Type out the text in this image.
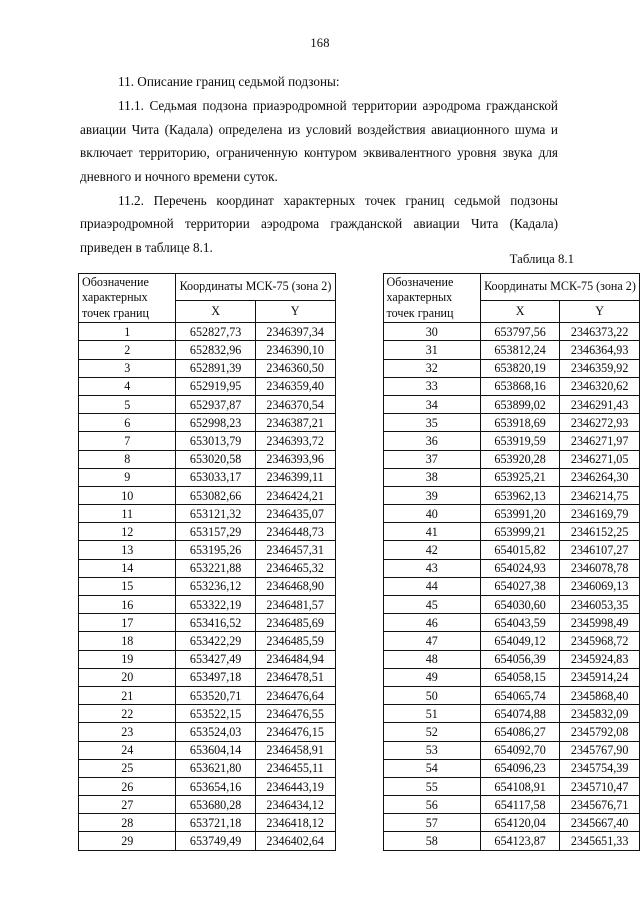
168

11. Описание границ седьмой подзоны:

11.1. Седьмая подзона приаэродромной территории аэродрома гражданской авиации Чита (Кадала) определена из условий воздействия авиационного шума и включает территорию, ограниченную контуром эквивалентного уровня звука для дневного и ночного времени суток.

11.2. Перечень координат характерных точек границ седьмой подзоны приаэродромной территории аэродрома гражданской авиации Чита (Кадала) приведен в таблице 8.1.

Таблица 8.1
Обозначение характерных точек границ	Координаты МСК-75 (зона 2)	
	X	Y
1	652827,73	2346397,34
2	652832,96	2346390,10
3	652891,39	2346360,50
4	652919,95	2346359,40
5	652937,87	2346370,54
6	652998,23	2346387,21
7	653013,79	2346393,72
8	653020,58	2346393,96
9	653033,17	2346399,11
10	653082,66	2346424,21
11	653121,32	2346435,07
12	653157,29	2346448,73
13	653195,26	2346457,31
14	653221,88	2346465,32
15	653236,12	2346468,90
16	653322,19	2346481,57
17	653416,52	2346485,69
18	653422,29	2346485,59
19	653427,49	2346484,94
20	653497,18	2346478,51
21	653520,71	2346476,64
22	653522,15	2346476,55
23	653524,03	2346476,15
24	653604,14	2346458,91
25	653621,80	2346455,11
26	653654,16	2346443,19
27	653680,28	2346434,12
28	653721,18	2346418,12
29	653749,49	2346402,64
Обозначение характерных точек границ	Координаты МСК-75 (зона 2)	
	X	Y
30	653797,56	2346373,22
31	653812,24	2346364,93
32	653820,19	2346359,92
33	653868,16	2346320,62
34	653899,02	2346291,43
35	653918,69	2346272,93
36	653919,59	2346271,97
37	653920,28	2346271,05
38	653925,21	2346264,30
39	653962,13	2346214,75
40	653991,20	2346169,79
41	653999,21	2346152,25
42	654015,82	2346107,27
43	654024,93	2346078,78
44	654027,38	2346069,13
45	654030,60	2346053,35
46	654043,59	2345998,49
47	654049,12	2345968,72
48	654056,39	2345924,83
49	654058,15	2345914,24
50	654065,74	2345868,40
51	654074,88	2345832,09
52	654086,27	2345792,08
53	654092,70	2345767,90
54	654096,23	2345754,39
55	654108,91	2345710,47
56	654117,58	2345676,71
57	654120,04	2345667,40
58	654123,87	2345651,33
